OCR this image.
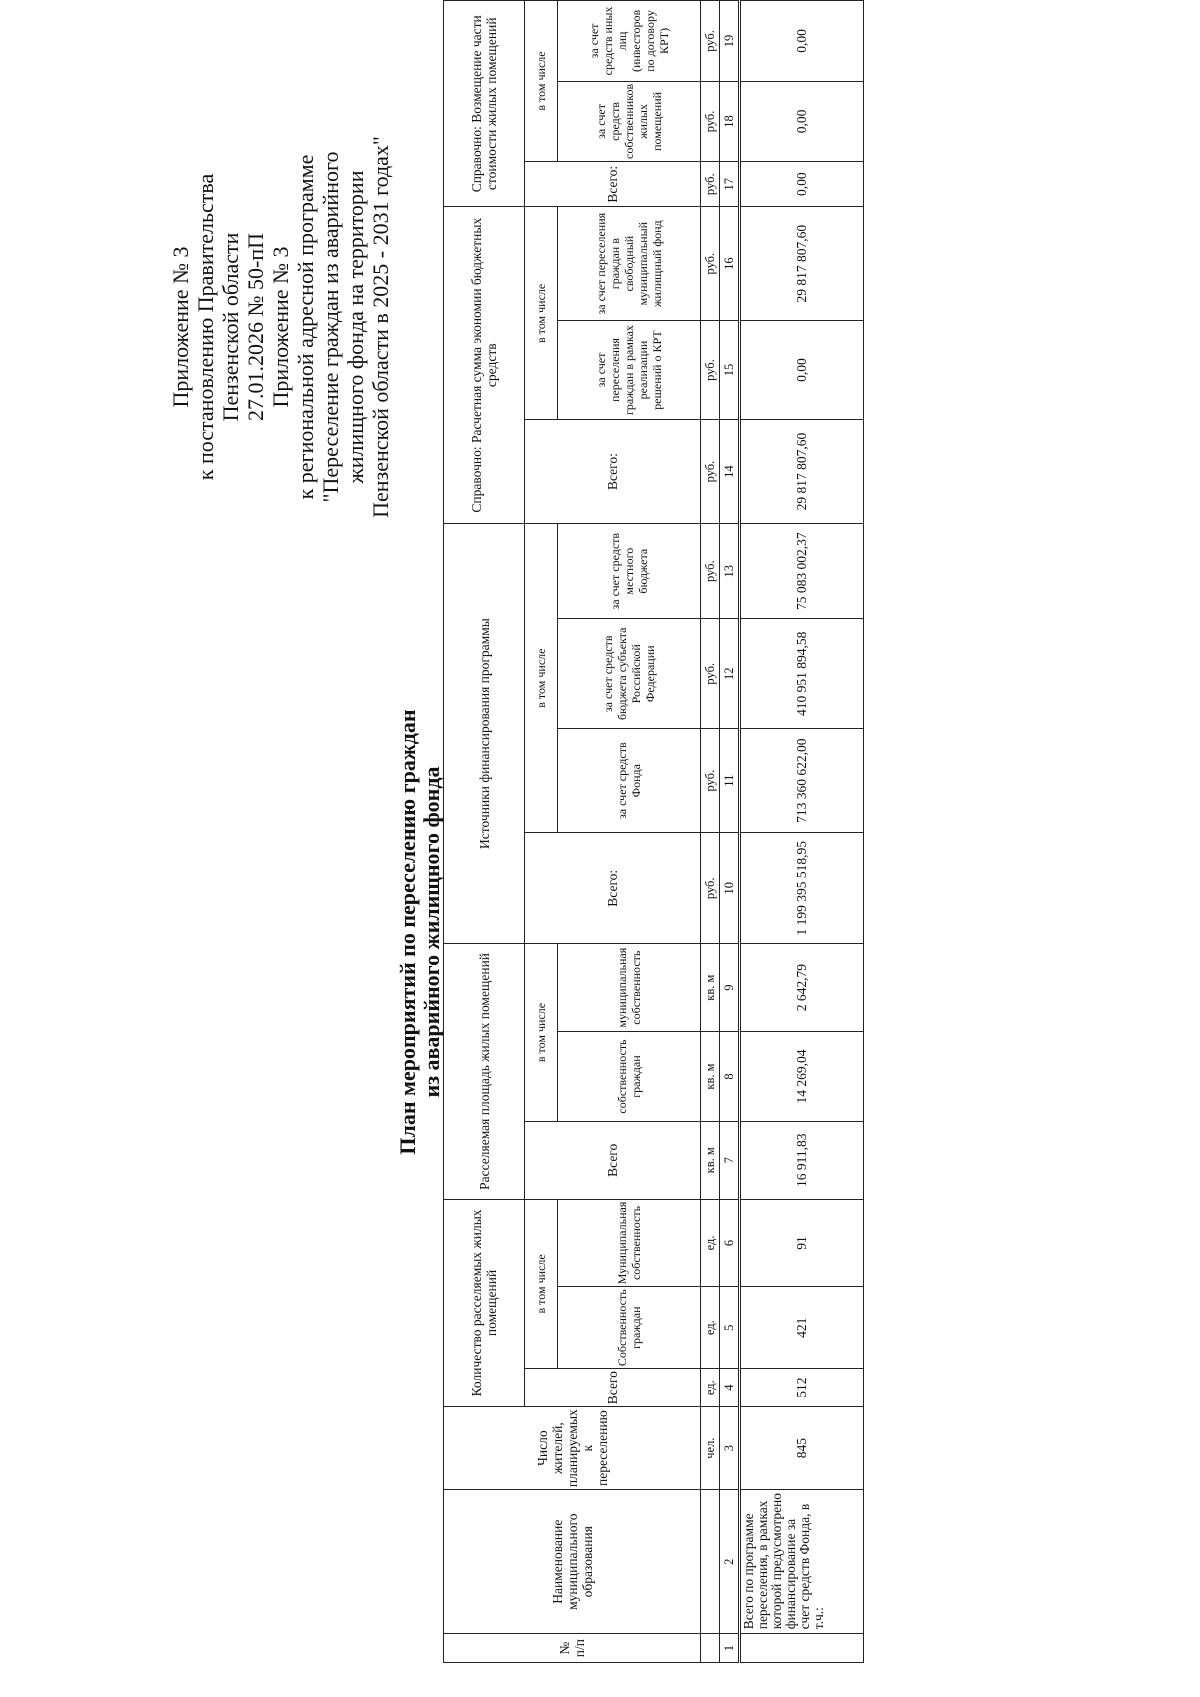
Приложение № 3 к постановлению Правительства Пензенской области 27.01.2026 № 50-пП Приложение № 3 к региональной адресной программе "Переселение граждан из аварийного жилищного фонда на территории Пензенской области в 2025 - 2031 годах"
План мероприятий по переселению граждан из аварийного жилищного фонда
№ п/п	Наименование муниципального образования	Число жителей, планируемых к переселению	Количество расселяемых жилых помещений			Расселяемая площадь жилых помещений			Источники финансирования программы				Справочно: Расчетная сумма экономии бюджетных средств			Справочно: Возмещение части стоимости жилых помещений		
			Всего	в том числе		Всего	в том числе		Всего:	в том числе			Всего:	в том числе		Всего:	в том числе	
				Собственность граждан	Муниципальная собственность		собственность граждан	муниципальная собственность		за счет средств Фонда	за счет средств бюджета субъекта Российской Федерации	за счет средств местного бюджета		за счет переселения граждан в рамках реализации решений о КРТ	за счет переселения граждан в свободный муниципальный жилищный фонд		за счет средств собственников жилых помещений	за счет средств иных лиц (инвесторов по договору КРТ)
		чел.	ед.	ед.	ед.	кв. м	кв. м	кв. м	руб.	руб.	руб.	руб.	руб.	руб.	руб.	руб.	руб.	руб.
1	2	3	4	5	6	7	8	9	10	11	12	13	14	15	16	17	18	19
	Всего по программе переселения, в рамках которой предусмотрено финансирование за счет средств Фонда, в т.ч.:	845	512	421	91	16 911,83	14 269,04	2 642,79	1 199 395 518,95	713 360 622,00	410 951 894,58	75 083 002,37	29 817 807,60	0,00	29 817 807,60	0,00	0,00	0,00
